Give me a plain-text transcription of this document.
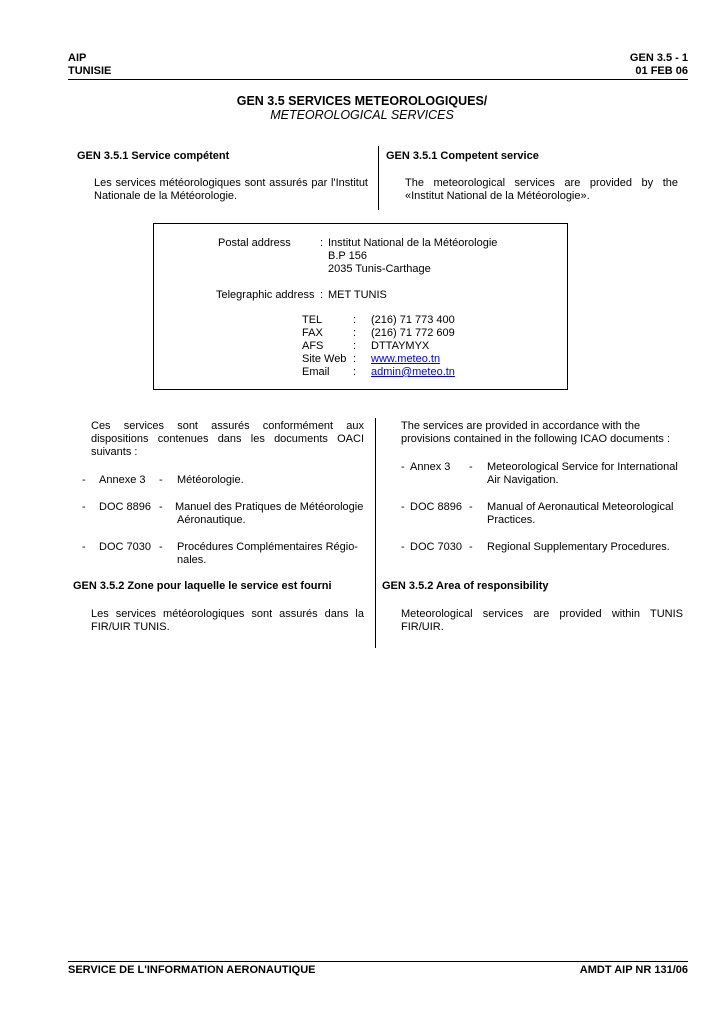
AIP
TUNISIE
GEN 3.5 - 1
01 FEB 06
GEN 3.5 SERVICES METEOROLOGIQUES/
METEOROLOGICAL SERVICES
GEN 3.5.1 Service compétent	GEN 3.5.1 Competent service
Les services météorologiques sont assurés par l'Institut Nationale de la Météorologie.
The meteorological services are provided by the «Institut National de la Météorologie».
Postal address	: Institut National de la Météorologie
B.P 156
2035 Tunis-Carthage
Telegraphic address : MET TUNIS
TEL	: (216) 71 773 400
FAX	: (216) 71 772 609
AFS	: DTTAYMYX
Site Web : www.meteo.tn
Email : admin@meteo.tn
Ces services sont assurés conformément aux dispositions contenues dans les documents OACI suivants :
The services are provided in accordance with the provisions contained in the following ICAO documents :
- Annexe 3 - Météorologie.
- DOC 8896 - Manuel des Pratiques de Météorologie Aéronautique.
- DOC 7030 - Procédures Complémentaires Régio-nales.
- Annex 3 - Meteorological Service for International Air Navigation.
- DOC 8896 - Manual of Aeronautical Meteorological Practices.
- DOC 7030 - Regional Supplementary Procedures.
GEN 3.5.2 Zone pour laquelle le service est fourni	GEN 3.5.2 Area of responsibility
Les services météorologiques sont assurés dans la FIR/UIR TUNIS.
Meteorological services are provided within TUNIS FIR/UIR.
SERVICE DE L'INFORMATION AERONAUTIQUE	AMDT AIP NR 131/06
